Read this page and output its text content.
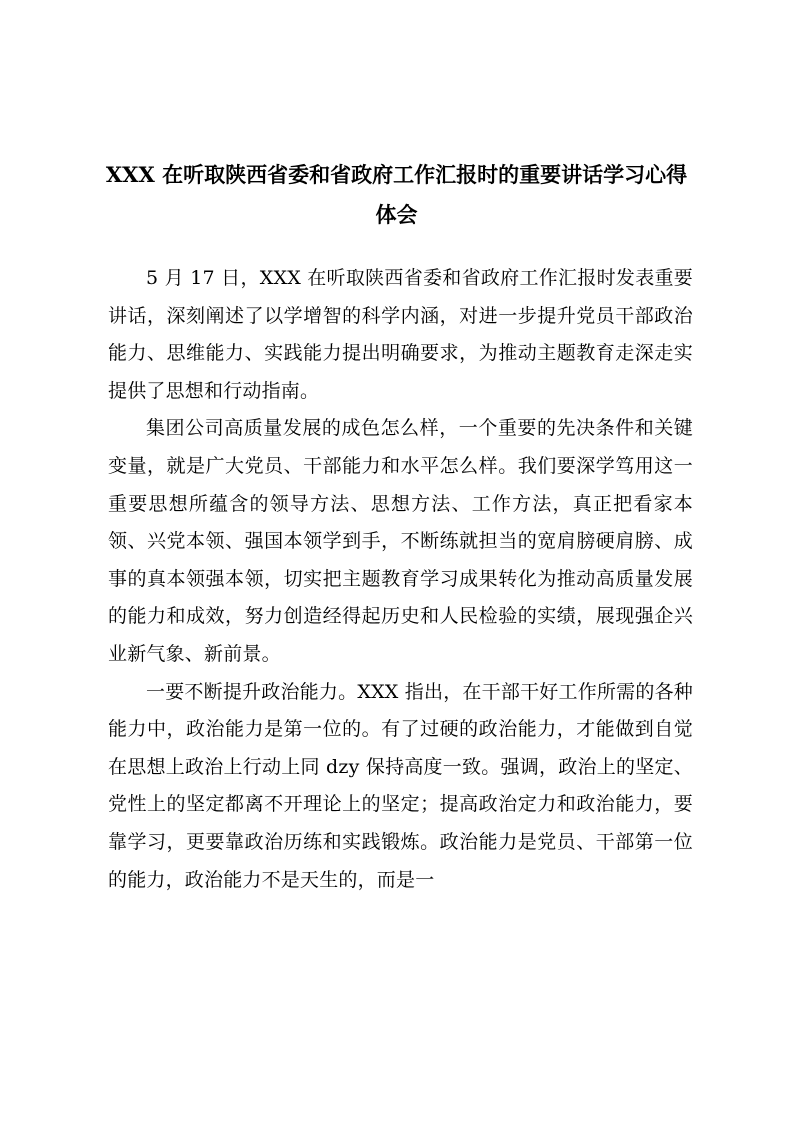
XXX 在听取陕西省委和省政府工作汇报时的重要讲话学习心得体会

5 月 17 日，XXX 在听取陕西省委和省政府工作汇报时发表重要讲话，深刻阐述了以学增智的科学内涵，对进一步提升党员干部政治能力、思维能力、实践能力提出明确要求，为推动主题教育走深走实提供了思想和行动指南。

集团公司高质量发展的成色怎么样，一个重要的先决条件和关键变量，就是广大党员、干部能力和水平怎么样。我们要深学笃用这一重要思想所蕴含的领导方法、思想方法、工作方法，真正把看家本领、兴党本领、强国本领学到手，不断练就担当的宽肩膀硬肩膀、成事的真本领强本领，切实把主题教育学习成果转化为推动高质量发展的能力和成效，努力创造经得起历史和人民检验的实绩，展现强企兴业新气象、新前景。

一要不断提升政治能力。XXX 指出，在干部干好工作所需的各种能力中，政治能力是第一位的。有了过硬的政治能力，才能做到自觉在思想上政治上行动上同 dzy 保持高度一致。强调，政治上的坚定、党性上的坚定都离不开理论上的坚定；提高政治定力和政治能力，要靠学习，更要靠政治历练和实践锻炼。政治能力是党员、干部第一位的能力，政治能力不是天生的，而是一
